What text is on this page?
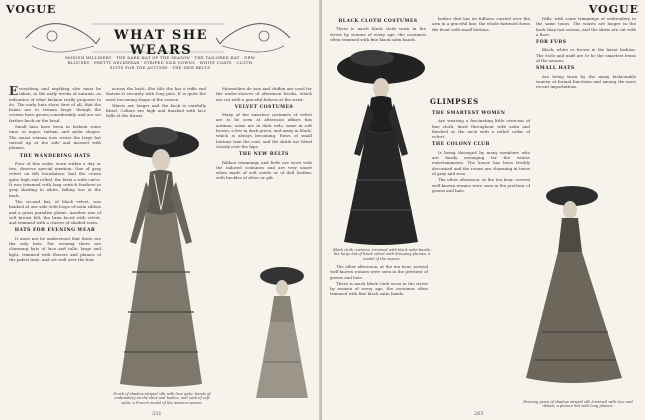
VOGUE
WHAT SHE WEARS
MODISH MILLINERY · THE DARK HAT OF THE SEASON · THE TAILORED HAT · NEW BLOUSES · PRETTY NECKWEAR · STRIPED SILK GOWNS · WHITE COATS · CLOTH SUITS FOR THE AUTUMN · THE NEW BELTS

Everything and anything else must be taken, in the early weeks of autumn, as indicative of what fashion really proposes to do. The early hats show, first of all, that the brims are to remain large, though the crowns have grown considerably, and are set farther back on the head.

Small hats have been in fashion some time, in toque, turban, and sailor shapes. The smart woman now wears the large hat turned up at the side and massed with plumes.

THE WANDERING HATS

Four of this order, worn within a day or two, deserve special mention. One of gray velvet on felt foundation, had the crown quite high and rolled, the brim a wide curve. It was trimmed with long ostrich feathers in gray shading to white, falling low at the back.

The second hat, of black velvet, was banked at one side with loops of satin ribbon and a great paradise plume. Another was of soft brown felt, the brim faced with velvet, and trimmed with a cluster of shaded roses.

HATS FOR EVENING WEAR

It must not be understood that these are the only hats. For evening there are charming hats of lace and tulle, large and light, trimmed with flowers and plumes of the palest tints, and set well over the hair.

across the back. She tilts the hat a trifle and fastens it securely with long pins. It is quite the most becoming shape of the season.

Waists are longer and the back is carefully fitted. Collars are high and finished with lace frills at the throat.

Frock of shadow-striped silk with lace yoke, bands of embroidery on the skirt and bodice, and sash of soft satin; a French model of the autumn season.

Mousseline de soie and chiffon are used for the under-sleeves of afternoon frocks, which are cut with a graceful fulness at the wrist.

VELVET COSTUMES

Many of the smartest costumes of velvet are to be seen at afternoon affairs this autumn; some are in dark reds, some in soft brown, a few in dark green, and many in black, which is always becoming. Rows of small buttons trim the coat, and the skirts are fitted closely over the hips.

THE NEW BELTS

Ribbon trimmings and belts are worn with the tailored costumes and are very smart when made of soft suede or of dull leather, with buckles of silver or gilt.

331
VOGUE
BLACK CLOTH COSTUMES

There is much black cloth worn in the street by women of every age, the costumes often trimmed with fine black satin bands.

Black cloth costume, trimmed with black satin bands; the large hat of black velvet with drooping plumes, a model of the season.

The other afternoon, at the tea hour, several well-known women were seen in the prettiest of gowns and hats.

There is much black cloth worn in the street by women of every age, the costumes often trimmed with fine black satin bands.

bodice that has its fullness carried over the arm in a graceful line, the whole fastened down the front with small buttons.

GLIMPSES
THE SMARTEST WOMEN

Are wearing a fascinating little overcoat of fine cloth, lined throughout with satin and finished at the neck with a rolled collar of velvet.

THE COLONY CLUB

Is being thronged by many members who are busily arranging for the winter entertainments. The house has been freshly decorated and the rooms are charming in tones of gray and rose.

The other afternoon, at the tea hour, several well-known women were seen in the prettiest of gowns and hats.

frills, with some trimmings of embroidery in the same tones. The waists are longer in the back than last season, and the skirts are cut with a flare.

FOR FURS

Black, white or brown in the latest fashion. The stole and muff are to be the smartest items of the season.

SMALL HATS

Are being worn by the many fashionable women at formal functions and among the most recent importations.

Evening gown of shadow-striped silk trimmed with lace and ribbon; a picture hat with long plumes.
263
